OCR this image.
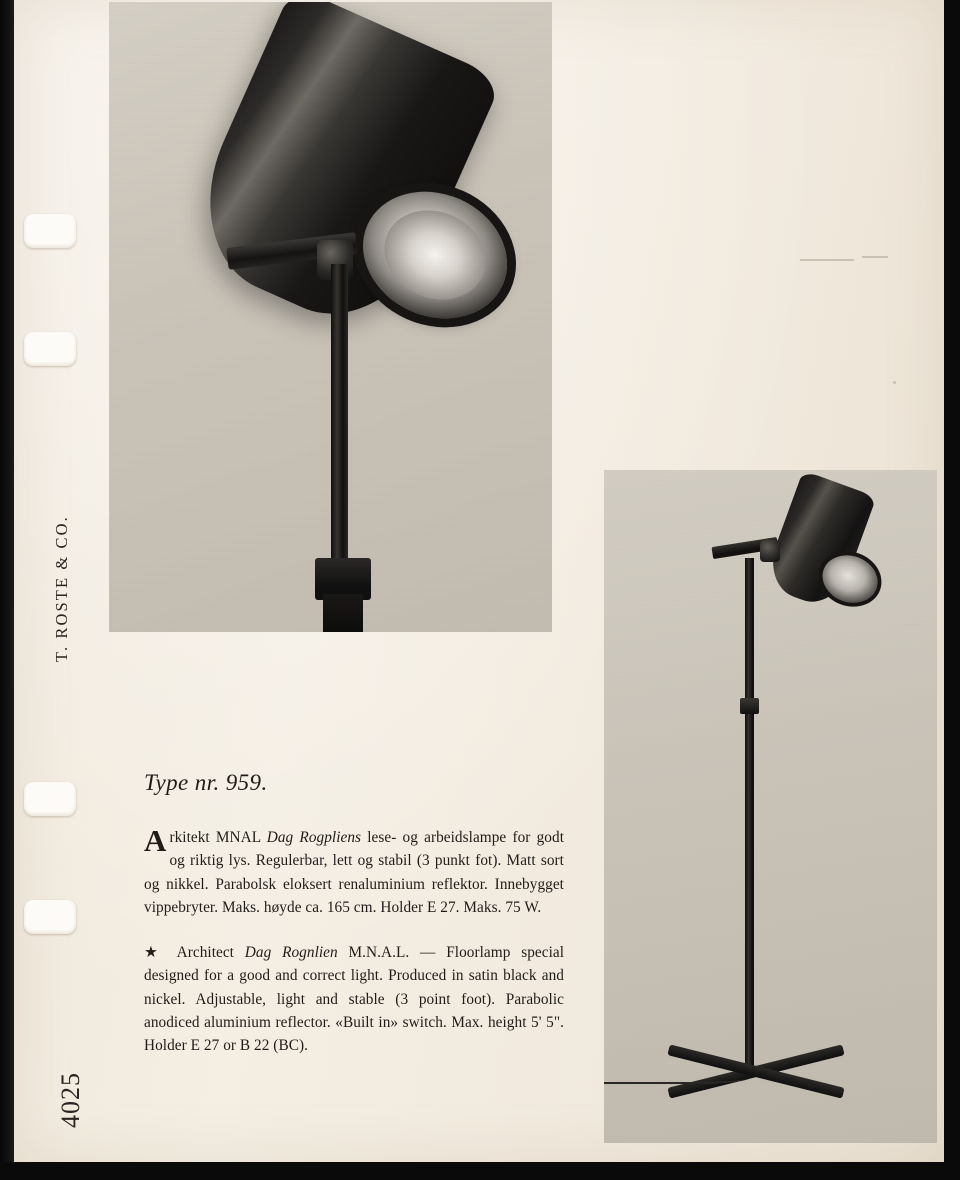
T. ROSTE & CO.
4025
Type nr. 959.

Arkitekt MNAL Dag Rogpliens lese- og arbeidslampe for godt og riktig lys. Regulerbar, lett og stabil (3 punkt fot). Matt sort og nikkel. Parabolsk eloksert renaluminium reflektor. Innebygget vippebryter. Maks. høyde ca. 165 cm. Holder E 27. Maks. 75 W.

★ Architect Dag Rognlien M.N.A.L. — Floorlamp special designed for a good and correct light. Produced in satin black and nickel. Adjustable, light and stable (3 point foot). Parabolic anodiced aluminium reflector. «Built in» switch. Max. height 5' 5". Holder E 27 or B 22 (BC).
